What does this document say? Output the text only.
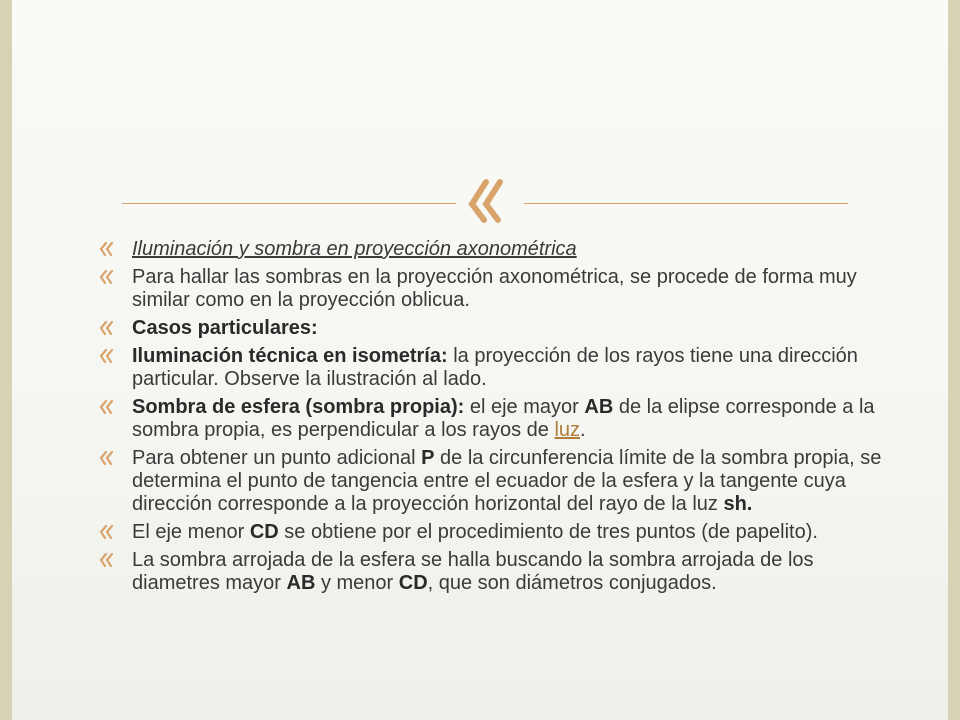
Iluminación y sombra en proyección axonométrica
Para hallar las sombras en la proyección axonométrica, se procede de forma muy similar como en la proyección oblicua.
Casos particulares:
Iluminación técnica en isometría: la proyección de los rayos tiene una dirección particular. Observe la ilustración al lado.
Sombra de esfera (sombra propia): el eje mayor AB de la elipse corresponde a la sombra propia, es perpendicular a los rayos de luz.
Para obtener un punto adicional P de la circunferencia límite de la sombra propia, se determina el punto de tangencia entre el ecuador de la esfera y la tangente cuya dirección corresponde a la proyección horizontal del rayo de la luz sh.
El eje menor CD se obtiene por el procedimiento de tres puntos (de papelito).
La sombra arrojada de la esfera se halla buscando la sombra arrojada de los diametres mayor AB y menor CD, que son diámetros conjugados.
